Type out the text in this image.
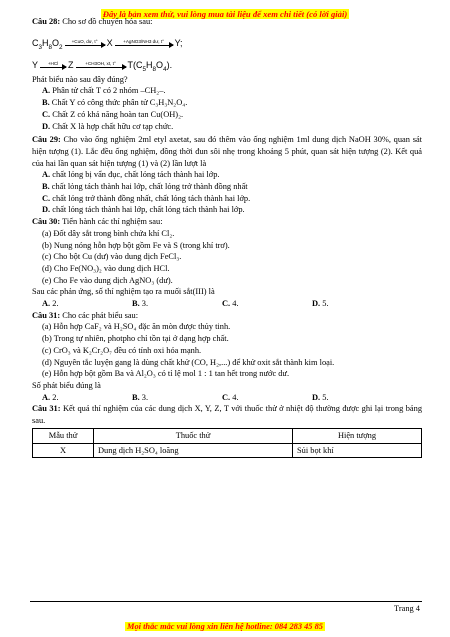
Đây là bản xem thử, vui lòng mua tài liệu để xem chi tiết (có lời giải)
Câu 28: Cho sơ đồ chuyển hóa sau:
$C_3H_8O_2$
+CuO, dư, t°	X	+AgNO3/NH3 dư, t°	Y;
Y	+HCl	Z	+CH3OH, xt, t°	$T(C_5H_8O_4)$.
Phát biểu nào sau đây đúng?
A. Phân tử chất T có 2 nhóm –CH₂–.
B. Chất Y có công thức phân tử C₃H₃N₂O₄.
C. Chất Z có khả năng hoàn tan Cu(OH)₂.
D. Chất X là hợp chất hữu cơ tạp chức.
Câu 29: Cho vào ống nghiệm 2ml etyl axetat, sau đó thêm vào ống nghiệm 1ml dung dịch NaOH 30%, quan sát hiện tượng (1). Lắc đều ống nghiệm, đồng thời đun sôi nhẹ trong khoảng 5 phút, quan sát hiện tượng (2). Kết quả của hai lần quan sát hiện tượng (1) và (2) lần lượt là
A. chất lỏng bị vẩn đục, chất lỏng tách thành hai lớp.
B. chất lỏng tách thành hai lớp, chất lỏng trở thành đồng nhất
C. chất lỏng trở thành đồng nhất, chất lỏng tách thành hai lớp.
D. chất lỏng tách thành hai lớp, chất lỏng tách thành hai lớp.
Câu 30: Tiến hành các thí nghiệm sau:
(a) Đốt dây sắt trong bình chứa khí Cl₂.
(b) Nung nóng hỗn hợp bột gồm Fe và S (trong khí trơ).
(c) Cho bột Cu (dư) vào dung dịch FeCl₃.
(d) Cho Fe(NO₃)₂ vào dung dịch HCl.
(e) Cho Fe vào dung dịch AgNO₃ (dư).
Sau các phản ứng, số thí nghiệm tạo ra muối sắt(III) là
A. 2.	B. 3.	C. 4.	D. 5.
Câu 31: Cho các phát biểu sau:
(a) Hỗn hợp CaF₂ và H₂SO₄ đặc ăn mòn được thủy tinh.
(b) Trong tự nhiên, photpho chỉ tồn tại ở dạng hợp chất.
(c) CrO₃ và K₂Cr₂O₇ đều có tính oxi hóa mạnh.
(d) Nguyên tắc luyện gang là dùng chất khử (CO, H₂,...) để khử oxit sắt thành kim loại.
(e) Hỗn hợp bột gồm Ba và Al₂O₃ có tỉ lệ mol 1 : 1 tan hết trong nước dư.
Số phát biểu đúng là
A. 2.	B. 3.	C. 4.	D. 5.
Câu 31: Kết quả thí nghiệm của các dung dịch X, Y, Z, T với thuốc thử ở nhiệt độ thường được ghi lại trong bảng sau.
Mẫu thử	Thuốc thử	Hiện tượng
X	Dung dịch H₂SO₄ loãng	Sủi bọt khí
Trang 4
Mọi thắc mắc vui lòng xin liên hệ hotline: 084 283 45 85
